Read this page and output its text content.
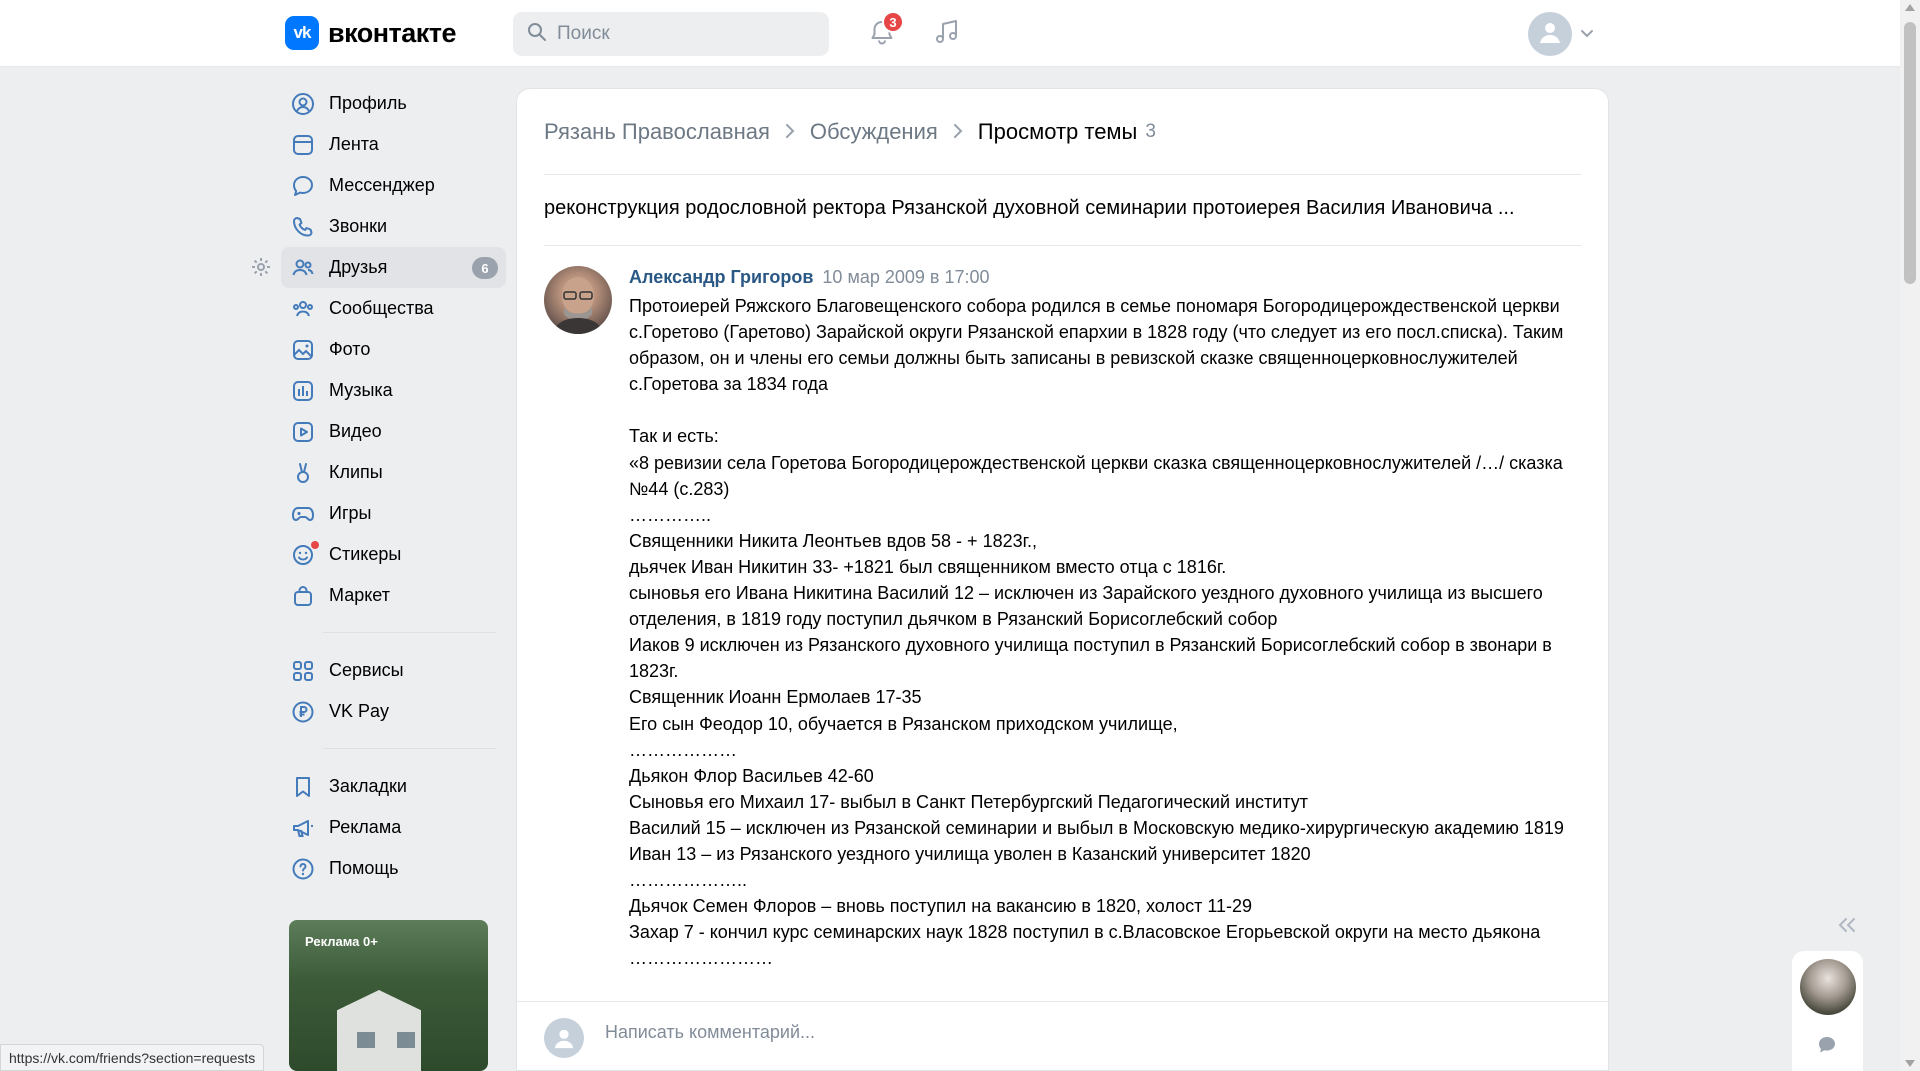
vk вконтакте
Поиск	3
Профиль
Лента
Мессенджер
Звонки
Друзья	6
Сообщества
Фото
Музыка
Видео
Клипы
Игры
Стикеры
Маркет
Сервисы
VK Pay
Закладки
Реклама
Помощь
Реклама 0+
https://vk.com/friends?section=requests
Рязань Православная Обсуждения Просмотр темы 3
реконструкция родословной ректора Рязанской духовной семинарии протоиерея Василия Ивановича ...
Александр Григоров 10 мар 2009 в 17:00

Протоиерей Ряжского Благовещенского собора родился в семье пономаря Богородицерождественской церкви с.Горетово (Гаретово) Зарайской округи Рязанской епархии в 1828 году (что следует из его посл.списка). Таким образом, он и члены его семьи должны быть записаны в ревизской сказке священноцерковнослужителей с.Горетова за 1834 года

Так и есть:

«8 ревизии села Горетова Богородицерождественской церкви сказка священноцерковнослужителей /…/ сказка №44 (с.283)

…………..

Священники Никита Леонтьев вдов 58 - + 1823г.,

дьячек Иван Никитин 33- +1821 был священником вместо отца с 1816г.

сыновья его Ивана Никитина Василий 12 – исключен из Зарайского уездного духовного училища из высшего отделения, в 1819 году поступил дьячком в Рязанский Борисоглебский собор

Иаков 9 исключен из Рязанского духовного училища поступил в Рязанский Борисоглебский собор в звонари в 1823г.

Священник Иоанн Ермолаев 17-35

Его сын Феодор 10, обучается в Рязанском приходском училище,

………………

Дьякон Флор Васильев 42-60

Сыновья его Михаил 17- выбыл в Санкт Петербургский Педагогический институт

Василий 15 – исключен из Рязанской семинарии и выбыл в Московскую медико-хирургическую академию 1819

Иван 13 – из Рязанского уездного училища уволен в Казанский университет 1820

………………..

Дьячок Семен Флоров – вновь поступил на вакансию в 1820, холост 11-29

Захар 7 - кончил курс семинарских наук 1828 поступил в с.Власовское Егорьевской округи на место дьякона

……………………

Написать комментарий...
